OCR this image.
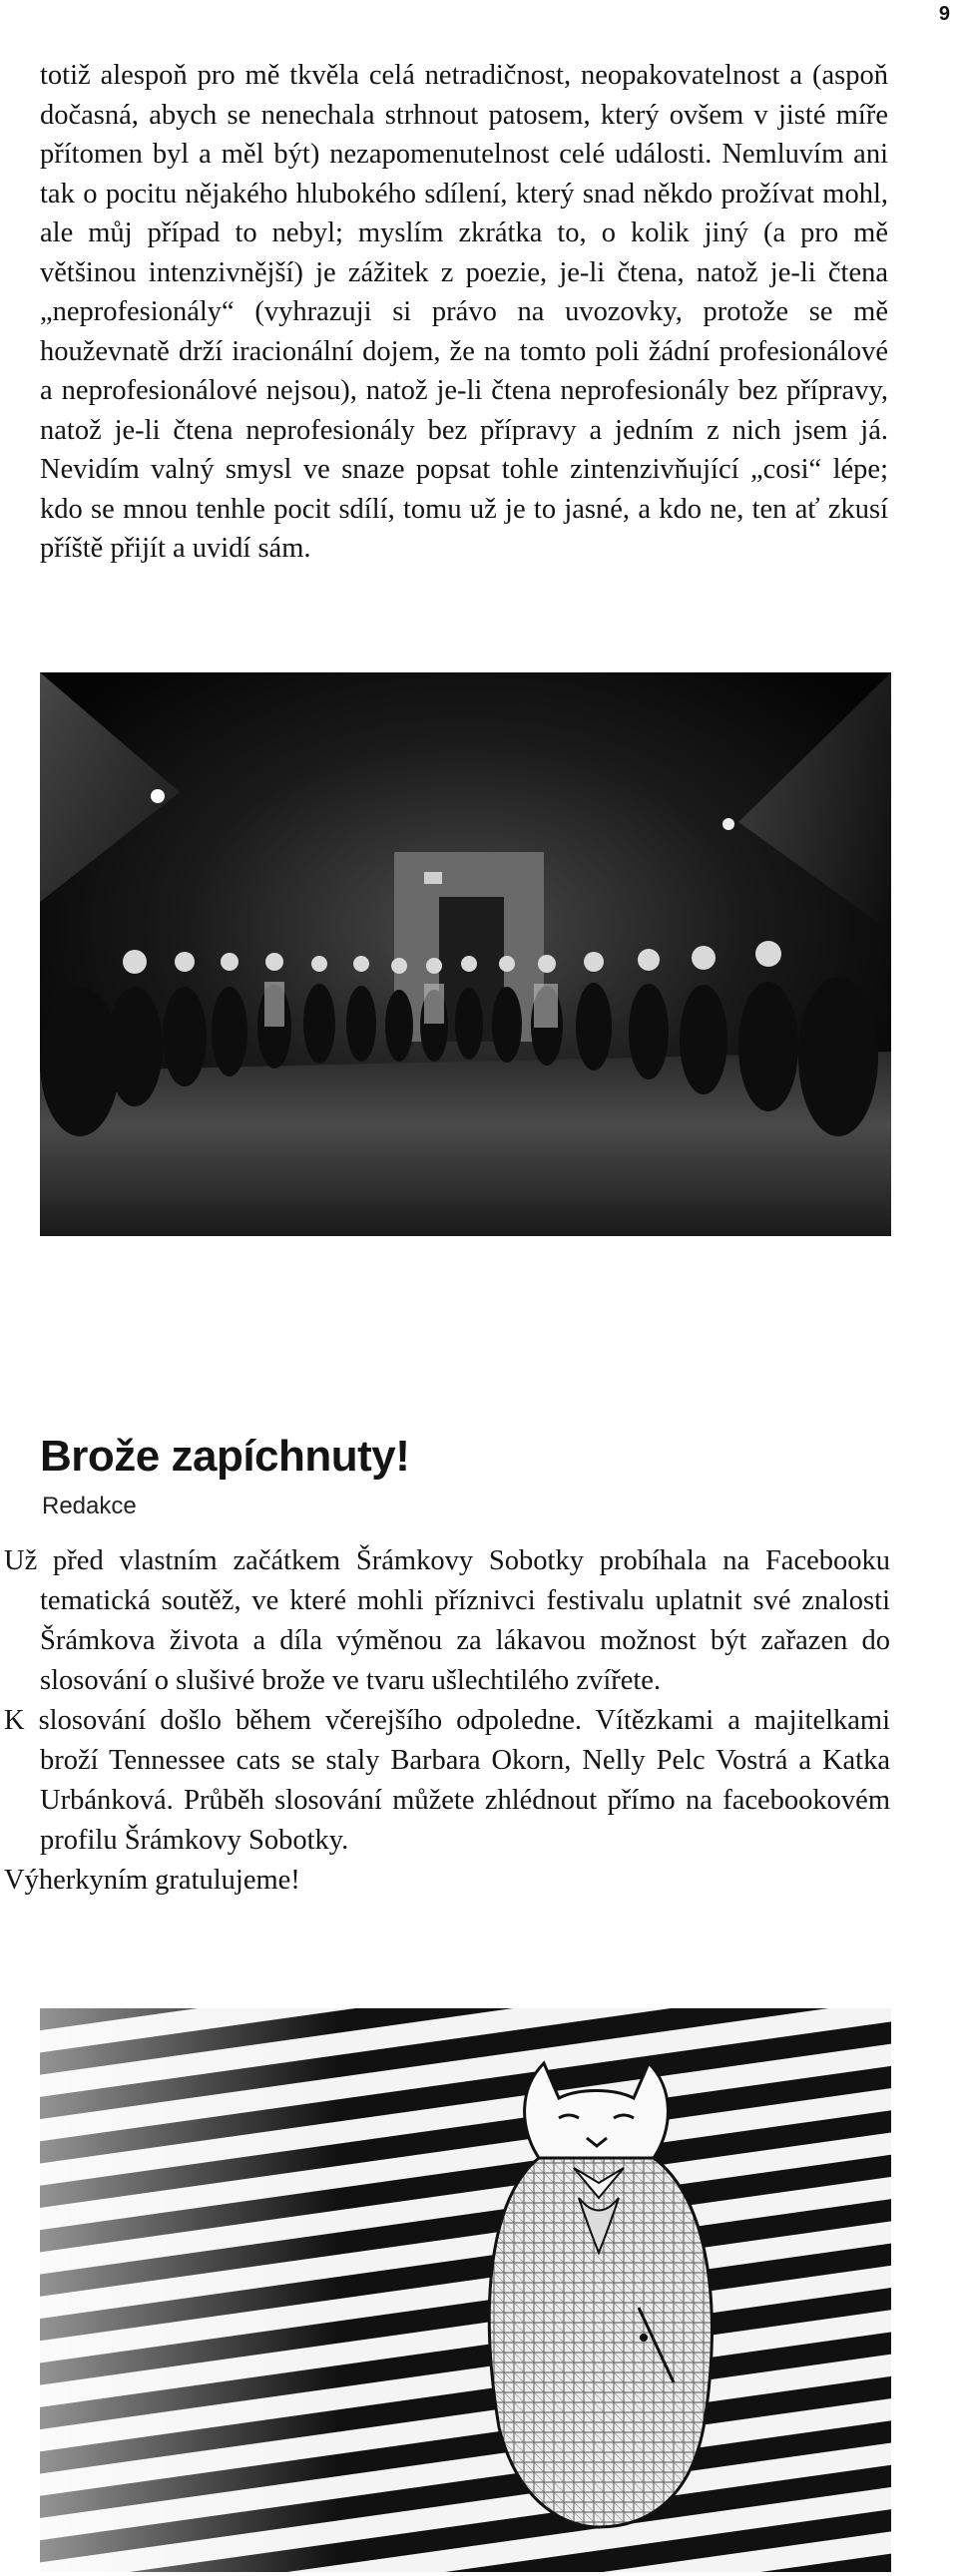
9

totiž alespoň pro mě tkvěla celá netradičnost, neopakovatelnost a (aspoň dočasná, abych se nenechala strhnout patosem, který ovšem v jisté míře přítomen byl a měl být) nezapomenutelnost celé události. Nemluvím ani tak o pocitu nějakého hlubokého sdílení, který snad někdo prožívat mohl, ale můj případ to nebyl; myslím zkrátka to, o kolik jiný (a pro mě většinou intenzivnější) je zážitek z poezie, je-li čtena, natož je-li čtena „neprofesionály“ (vyhrazuji si právo na uvozovky, protože se mě houževnatě drží iracionální dojem, že na tomto poli žádní profesionálové a neprofesionálové nejsou), natož je-li čtena neprofesionály bez přípravy, natož je-li čtena neprofesionály bez přípravy a jedním z nich jsem já. Nevidím valný smysl ve snaze popsat tohle zintenzivňující „cosi“ lépe; kdo se mnou tenhle pocit sdílí, tomu už je to jasné, a kdo ne, ten ať zkusí příště přijít a uvidí sám.

Brože zapíchnuty!
Redakce

Už před vlastním začátkem Šrámkovy Sobotky probíhala na Facebooku tematická soutěž, ve které mohli příznivci festivalu uplatnit své znalosti Šrámkova života a díla výměnou za lákavou možnost být zařazen do slosování o slušivé brože ve tvaru ušlechtilého zvířete.

K slosování došlo během včerejšího odpoledne. Vítězkami a majitelkami broží Tennessee cats se staly Barbara Okorn, Nelly Pelc Vostrá a Katka Urbánková. Průběh slosování můžete zhlédnout přímo na facebookovém profilu Šrámkovy Sobotky.

Výherkyním gratulujeme!
